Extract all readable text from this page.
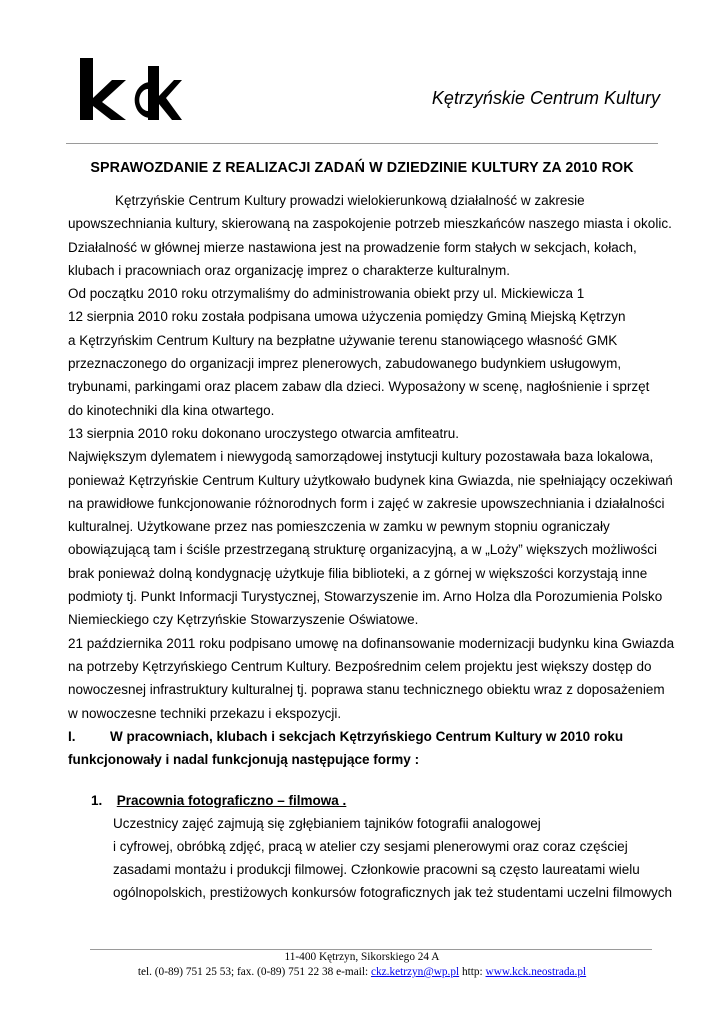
Kętrzyńskie Centrum Kultury
SPRAWOZDANIE Z REALIZACJI ZADAŃ W DZIEDZINIE KULTURY ZA 2010 ROK
Kętrzyńskie Centrum Kultury prowadzi wielokierunkową działalność w zakresie
upowszechniania kultury, skierowaną na zaspokojenie potrzeb mieszkańców naszego miasta i okolic.
Działalność w głównej mierze nastawiona jest na prowadzenie form stałych w sekcjach, kołach,
klubach i pracowniach oraz organizację imprez o charakterze kulturalnym.
Od początku 2010 roku otrzymaliśmy do administrowania obiekt przy ul. Mickiewicza 1
12 sierpnia 2010 roku została podpisana umowa użyczenia pomiędzy Gminą Miejską Kętrzyn
a Kętrzyńskim Centrum Kultury na bezpłatne używanie terenu stanowiącego własność GMK
przeznaczonego do organizacji imprez plenerowych, zabudowanego budynkiem usługowym,
trybunami, parkingami oraz placem zabaw dla dzieci. Wyposażony w scenę, nagłośnienie i sprzęt
do kinotechniki dla kina otwartego.
13 sierpnia 2010 roku dokonano uroczystego otwarcia amfiteatru.
Największym dylematem i niewygodą samorządowej instytucji kultury pozostawała baza lokalowa,
ponieważ Kętrzyńskie Centrum Kultury użytkowało budynek kina Gwiazda, nie spełniający oczekiwań
na prawidłowe funkcjonowanie różnorodnych form i zajęć w zakresie upowszechniania i działalności
kulturalnej. Użytkowane przez nas pomieszczenia w zamku w pewnym stopniu ograniczały
obowiązującą tam i ściśle przestrzeganą strukturę organizacyjną, a w „Loży” większych możliwości
brak ponieważ dolną kondygnację użytkuje filia biblioteki, a z górnej w większości korzystają inne
podmioty tj. Punkt Informacji Turystycznej, Stowarzyszenie im. Arno Holza dla Porozumienia Polsko
Niemieckiego czy Kętrzyńskie Stowarzyszenie Oświatowe.
21 października 2011 roku podpisano umowę na dofinansowanie modernizacji budynku kina Gwiazda
na potrzeby Kętrzyńskiego Centrum Kultury. Bezpośrednim celem projektu jest większy dostęp do
nowoczesnej infrastruktury kulturalnej tj. poprawa stanu technicznego obiektu wraz z doposażeniem
w nowoczesne techniki przekazu i ekspozycji.
I.	W pracowniach, klubach i sekcjach Kętrzyńskiego Centrum Kultury w 2010 roku
funkcjonowały i nadal funkcjonują następujące formy :
1. Pracownia fotograficzno – filmowa .
Uczestnicy zajęć zajmują się zgłębianiem tajników fotografii analogowej
i cyfrowej, obróbką zdjęć, pracą w atelier czy sesjami plenerowymi oraz coraz częściej
zasadami montażu i produkcji filmowej. Członkowie pracowni są często laureatami wielu
ogólnopolskich, prestiżowych konkursów fotograficznych jak też studentami uczelni filmowych
11-400 Kętrzyn, Sikorskiego 24 A
tel. (0-89) 751 25 53; fax. (0-89) 751 22 38 e-mail: ckz.ketrzyn@wp.pl http: www.kck.neostrada.pl
